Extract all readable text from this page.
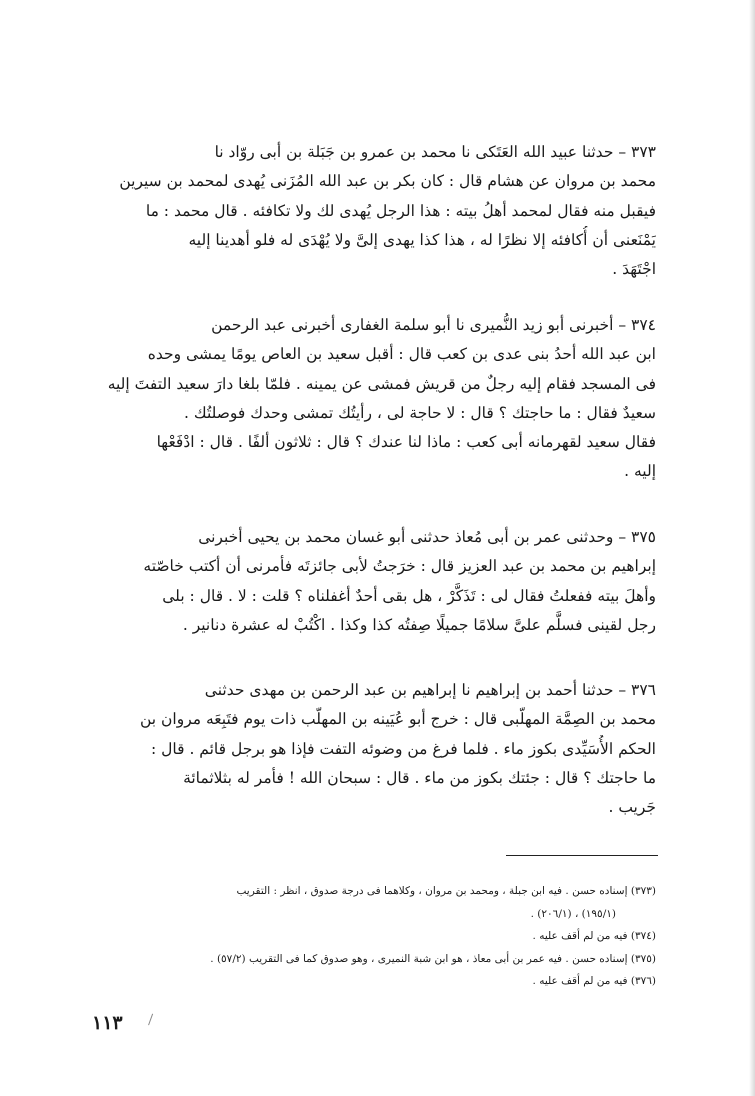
٣٧٣ – حدثنا عبيد الله العَتَكى نا محمد بن عمرو بن جَبَلة بن أبى روّاد نا
محمد بن مروان عن هشام قال : كان بكر بن عبد الله المُزَنى يُهدى لمحمد بن سيرين
فيقبل منه فقال لمحمد أهلُ بيته : هذا الرجل يُهدى لك ولا تكافئه . قال محمد : ما
يَمْنَعنى أن أُكافئه إلا نظرًا له ، هذا كذا يهدى إلىَّ ولا يُهْدَى له فلو أهدينا إليه
اجْتَهَدَ .

٣٧٤ – أخبرنى أبو زيد النُّميرى نا أبو سلمة الغفارى أخبرنى عبد الرحمن
ابن عبد الله أحدُ بنى عدى بن كعب قال : أقبل سعيد بن العاص يومًا يمشى وحده
فى المسجد فقام إليه رجلٌ من قريش فمشى عن يمينه . فلمّا بلغا دارَ سعيد التفتَ إليه
سعيدٌ فقال : ما حاجتك ؟ قال : لا حاجة لى ، رأيتُك تمشى وحدك فوصلتُك .
فقال سعيد لقهرمانه أبى كعب : ماذا لنا عندك ؟ قال : ثلاثون ألفًا . قال : ادْفَعْها
إليه .

٣٧٥ – وحدثنى عمر بن أبى مُعاذ حدثنى أبو غسان محمد بن يحيى أخبرنى
إبراهيم بن محمد بن عبد العزيز قال : خرَجتُ لأبى جائزتَه فأمرنى أن أكتب خاصّته
وأهلَ بيته ففعلتُ فقال لى : تَذَكَّرْ ، هل بقى أحدٌ أغفلناه ؟ قلت : لا . قال : بلى
رجل لقينى فسلَّم علىَّ سلامًا جميلًا صِفتُه كذا وكذا . اكْتُبْ له عشرة دنانير .

٣٧٦ – حدثنا أحمد بن إبراهيم نا إبراهيم بن عبد الرحمن بن مهدى حدثنى
محمد بن الصِمَّة المهلّبى قال : خرج أبو عُيَينه بن المهلّب ذات يوم فتَبِعَه مروان بن
الحكم الأُسَيِّدى بكوز ماء . فلما فرغ من وضوئه التفت فإذا هو برجل قائم . قال :
ما حاجتك ؟ قال : جئتك بكوز من ماء . قال : سبحان الله ! فأمر له بثلاثمائة
جَريب .

(٣٧٣) إسناده حسن . فيه ابن جبلة ، ومحمد بن مروان ، وكلاهما فى درجة صدوق ، انظر : التقريب
(١٩٥/١) ، (٢٠٦/١) .

(٣٧٤) فيه من لم أقف عليه .

(٣٧٥) إسناده حسن . فيه عمر بن أبى معاذ ، هو ابن شبة النميرى ، وهو صدوق كما فى التقريب (٥٧/٢) .

(٣٧٦) فيه من لم أقف عليه .

١١٣
